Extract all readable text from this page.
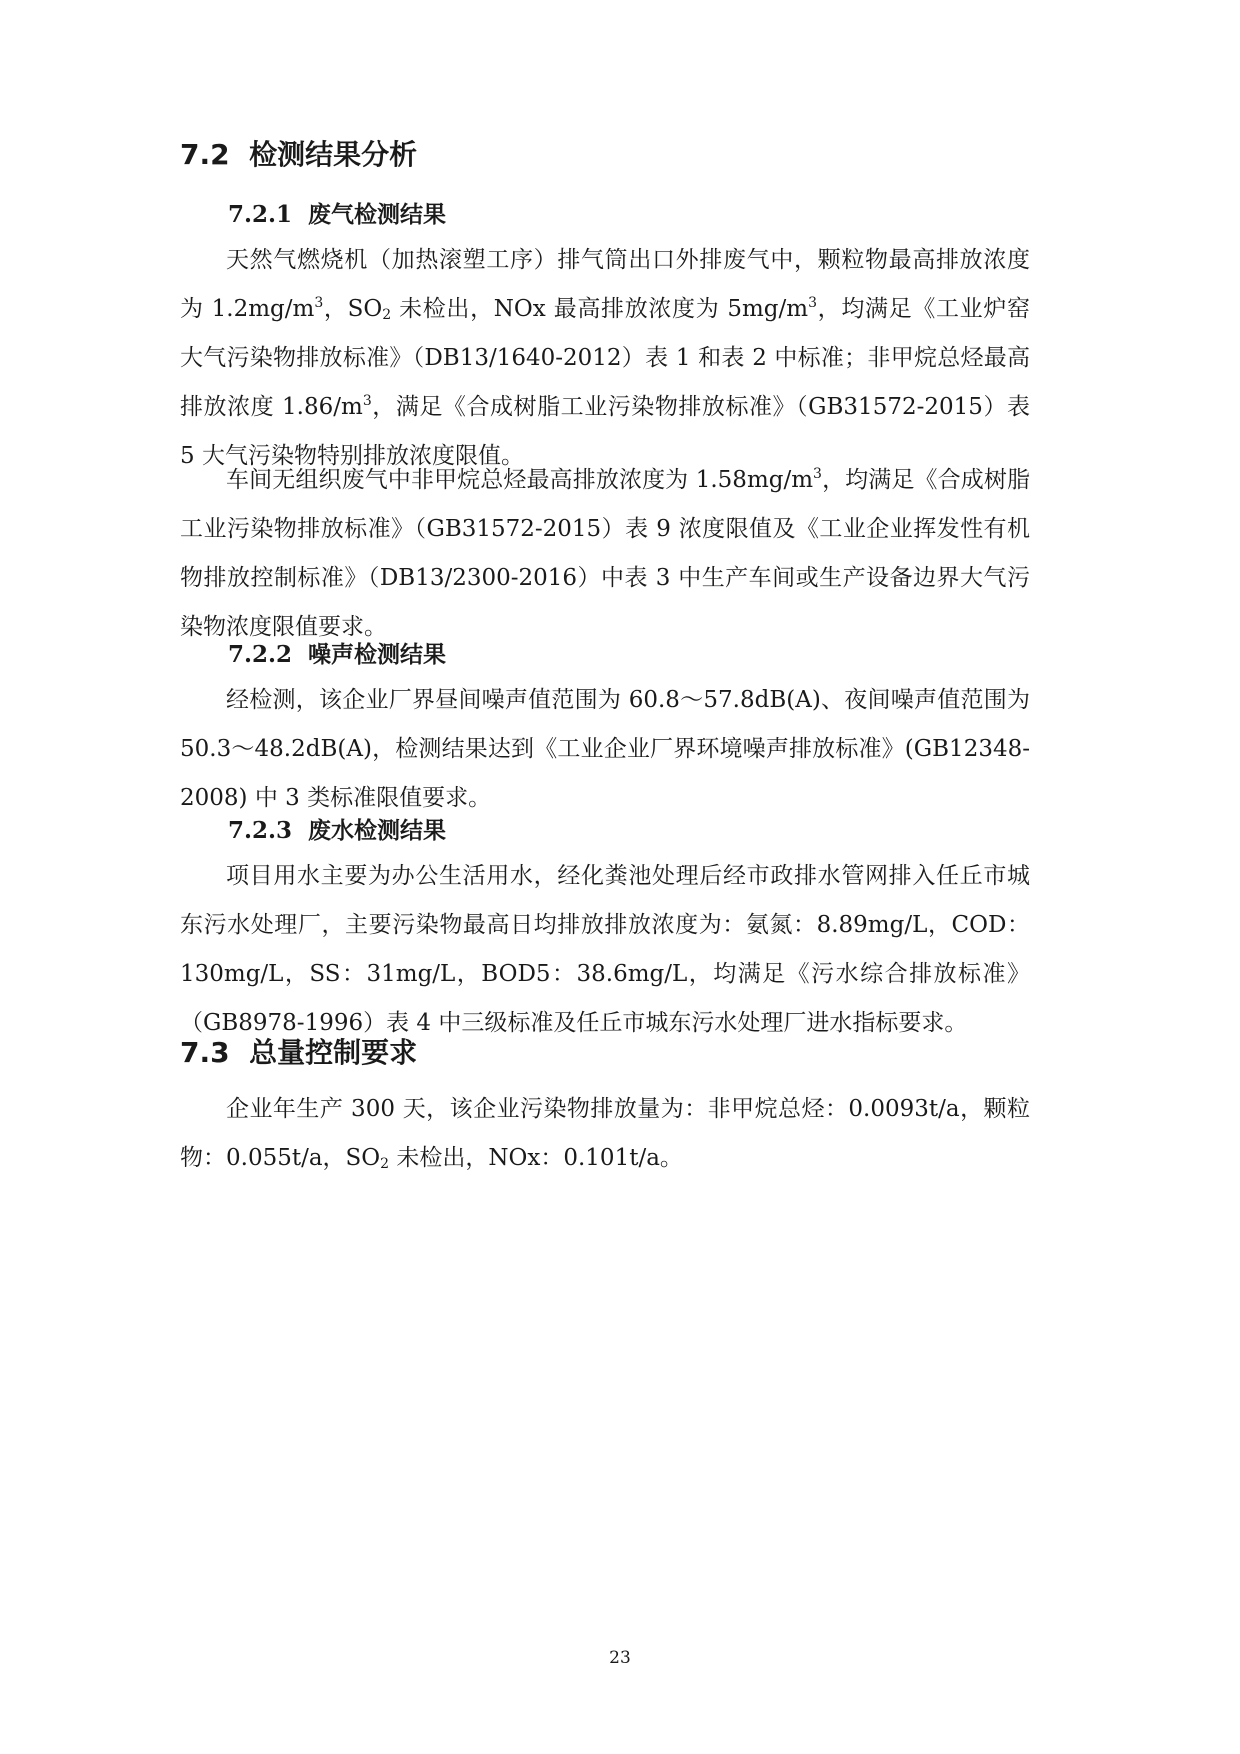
7.2 检测结果分析
7.2.1 废气检测结果

天然气燃烧机（加热滚塑工序）排气筒出口外排废气中，颗粒物最高排放浓度为 $1.2mg/m^3$，$SO_2$ 未检出，NOx 最高排放浓度为 $5mg/m^3$，均满足《工业炉窑大气污染物排放标准》（DB13/1640-2012）表 1 和表 2 中标准；非甲烷总烃最高排放浓度 $1.86/m^3$，满足《合成树脂工业污染物排放标准》（GB31572-2015）表 5 大气污染物特别排放浓度限值。

车间无组织废气中非甲烷总烃最高排放浓度为 $1.58mg/m^3$，均满足《合成树脂工业污染物排放标准》（GB31572-2015）表 9 浓度限值及《工业企业挥发性有机物排放控制标准》（DB13/2300-2016）中表 3 中生产车间或生产设备边界大气污染物浓度限值要求。

7.2.2 噪声检测结果

经检测，该企业厂界昼间噪声值范围为 60.8～57.8dB(A)、夜间噪声值范围为 50.3～48.2dB(A)，检测结果达到《工业企业厂界环境噪声排放标准》(GB12348-2008) 中 3 类标准限值要求。

7.2.3 废水检测结果

项目用水主要为办公生活用水，经化粪池处理后经市政排水管网排入任丘市城东污水处理厂，主要污染物最高日均排放排放浓度为：氨氮：8.89mg/L，COD：130mg/L，SS：31mg/L，BOD5：38.6mg/L，均满足《污水综合排放标准》（GB8978-1996）表 4 中三级标准及任丘市城东污水处理厂进水指标要求。

7.3 总量控制要求

企业年生产 300 天，该企业污染物排放量为：非甲烷总烃：0.0093t/a，颗粒物：0.055t/a，$SO_2$ 未检出，NOx：0.101t/a。

23
